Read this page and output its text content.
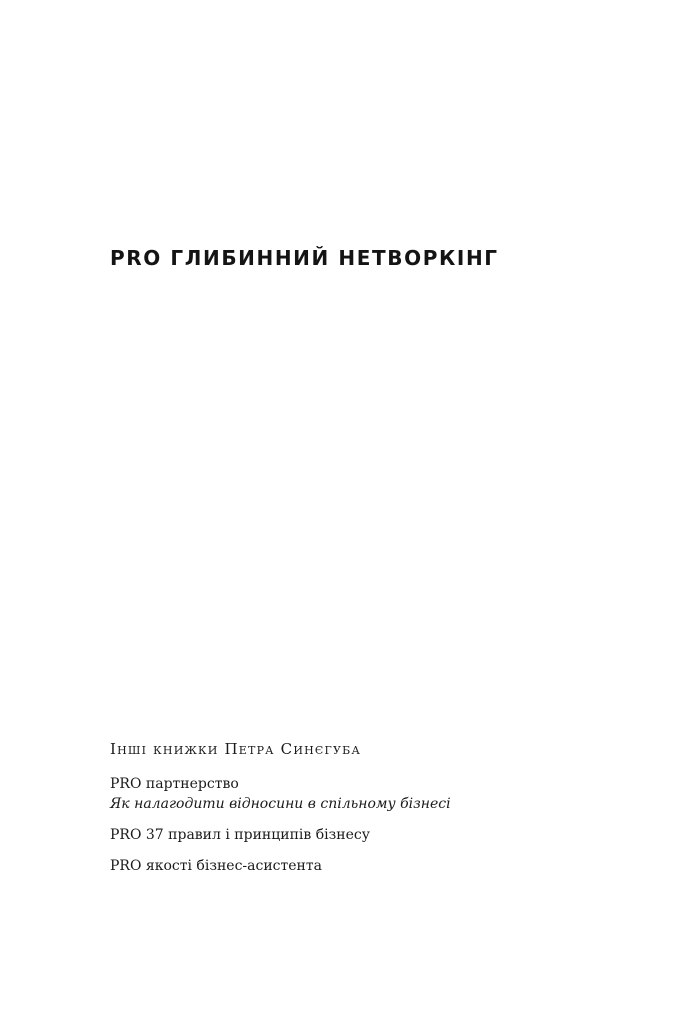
PRO ГЛИБИННИЙ НЕТВОРКІНГ
Інші книжки Петра Синєгуба
PRO партнерство
Як налагодити відносини в спільному бізнесі
PRO 37 правил і принципів бізнесу
PRO якості бізнес-асистента
